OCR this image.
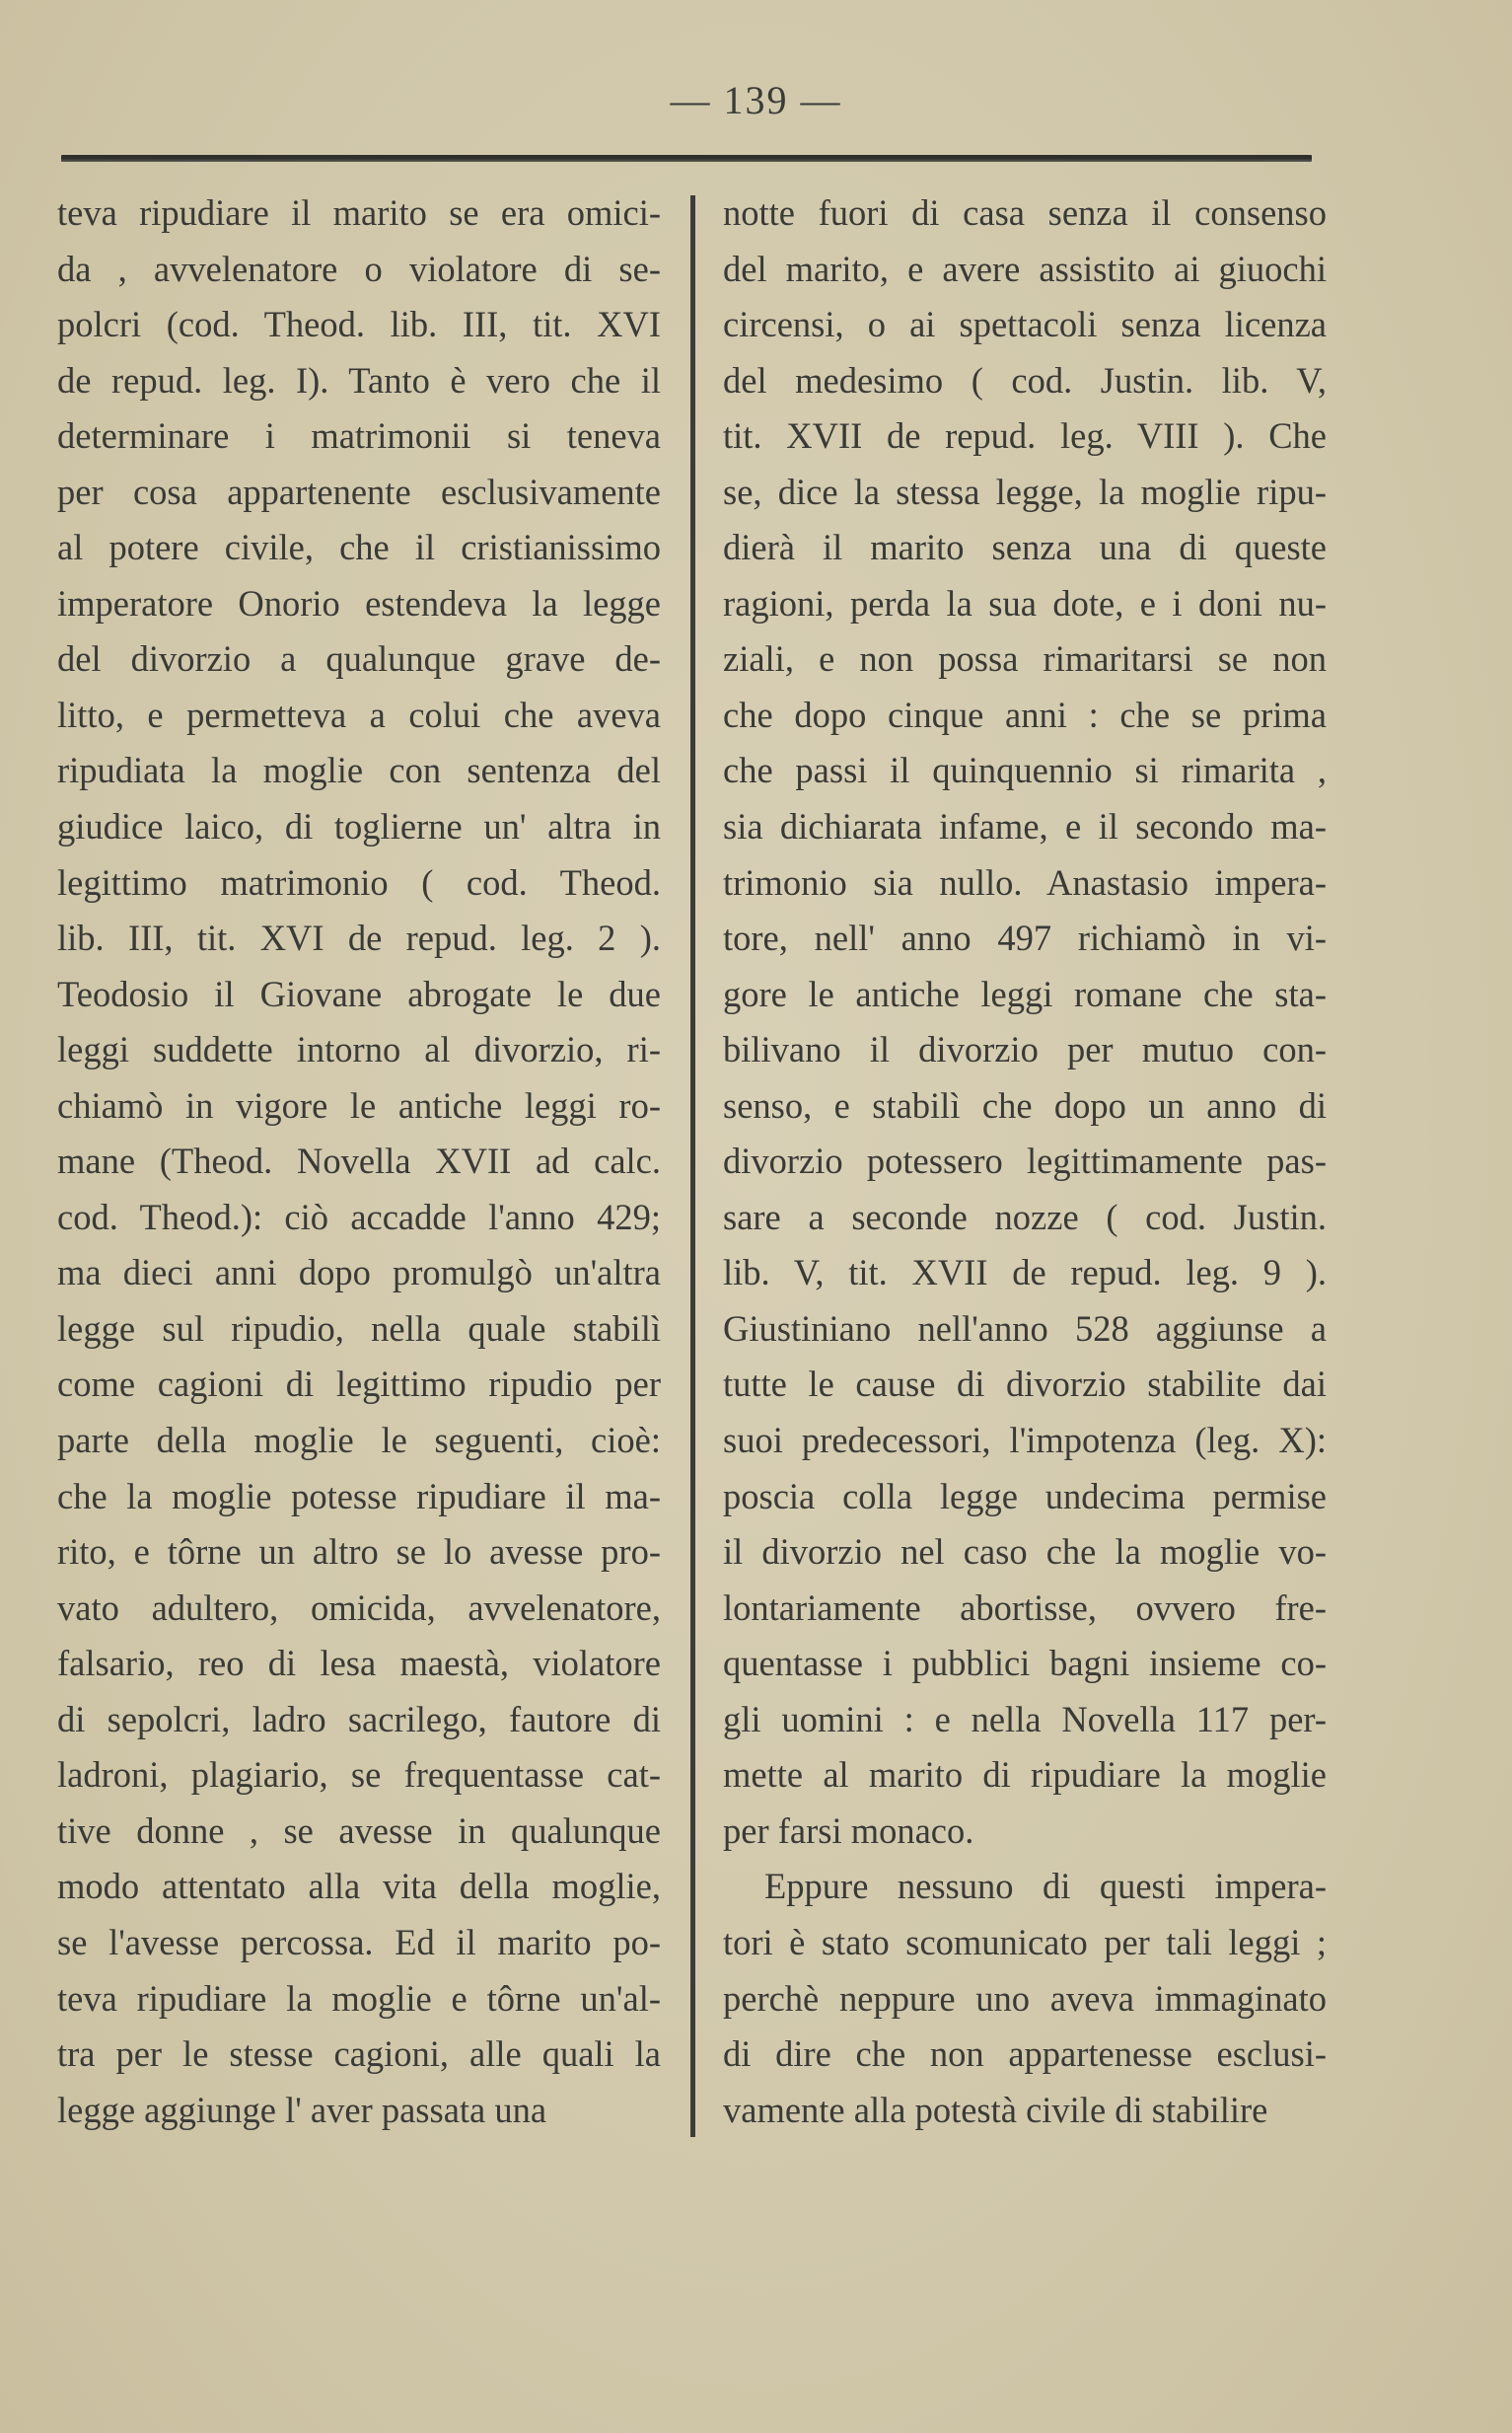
— 139 —
teva ripudiare il marito se era omici-
da , avvelenatore o violatore di se-
polcri (cod. Theod. lib. III, tit. XVI
de repud. leg. I). Tanto è vero che il
determinare i matrimonii si teneva
per cosa appartenente esclusivamente
al potere civile, che il cristianissimo
imperatore Onorio estendeva la legge
del divorzio a qualunque grave de-
litto, e permetteva a colui che aveva
ripudiata la moglie con sentenza del
giudice laico, di toglierne un' altra in
legittimo matrimonio ( cod. Theod.
lib. III, tit. XVI de repud. leg. 2 ).
Teodosio il Giovane abrogate le due
leggi suddette intorno al divorzio, ri-
chiamò in vigore le antiche leggi ro-
mane (Theod. Novella XVII ad calc.
cod. Theod.): ciò accadde l'anno 429;
ma dieci anni dopo promulgò un'altra
legge sul ripudio, nella quale stabilì
come cagioni di legittimo ripudio per
parte della moglie le seguenti, cioè:
che la moglie potesse ripudiare il ma-
rito, e tôrne un altro se lo avesse pro-
vato adultero, omicida, avvelenatore,
falsario, reo di lesa maestà, violatore
di sepolcri, ladro sacrilego, fautore di
ladroni, plagiario, se frequentasse cat-
tive donne , se avesse in qualunque
modo attentato alla vita della moglie,
se l'avesse percossa. Ed il marito po-
teva ripudiare la moglie e tôrne un'al-
tra per le stesse cagioni, alle quali la
legge aggiunge l' aver passata una
notte fuori di casa senza il consenso
del marito, e avere assistito ai giuochi
circensi, o ai spettacoli senza licenza
del medesimo ( cod. Justin. lib. V,
tit. XVII de repud. leg. VIII ). Che
se, dice la stessa legge, la moglie ripu-
dierà il marito senza una di queste
ragioni, perda la sua dote, e i doni nu-
ziali, e non possa rimaritarsi se non
che dopo cinque anni : che se prima
che passi il quinquennio si rimarita ,
sia dichiarata infame, e il secondo ma-
trimonio sia nullo. Anastasio impera-
tore, nell' anno 497 richiamò in vi-
gore le antiche leggi romane che sta-
bilivano il divorzio per mutuo con-
senso, e stabilì che dopo un anno di
divorzio potessero legittimamente pas-
sare a seconde nozze ( cod. Justin.
lib. V, tit. XVII de repud. leg. 9 ).
Giustiniano nell'anno 528 aggiunse a
tutte le cause di divorzio stabilite dai
suoi predecessori, l'impotenza (leg. X):
poscia colla legge undecima permise
il divorzio nel caso che la moglie vo-
lontariamente abortisse, ovvero fre-
quentasse i pubblici bagni insieme co-
gli uomini : e nella Novella 117 per-
mette al marito di ripudiare la moglie
per farsi monaco.
Eppure nessuno di questi impera-
tori è stato scomunicato per tali leggi ;
perchè neppure uno aveva immaginato
di dire che non appartenesse esclusi-
vamente alla potestà civile di stabilire
